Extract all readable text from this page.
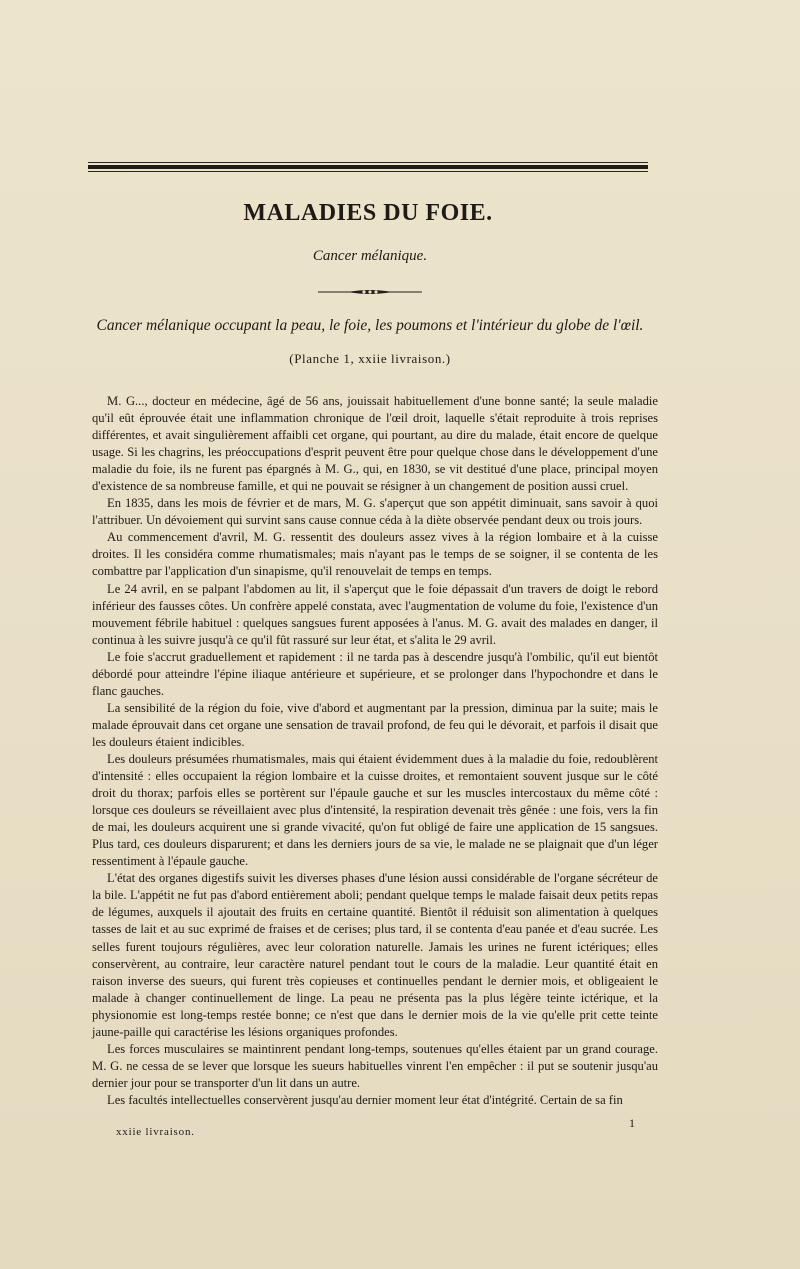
MALADIES DU FOIE.
Cancer mélanique.
Cancer mélanique occupant la peau, le foie, les poumons et l'intérieur du globe de l'œil.
(Planche 1, xxiie livraison.)

M. G..., docteur en médecine, âgé de 56 ans, jouissait habituellement d'une bonne santé; la seule maladie qu'il eût éprouvée était une inflammation chronique de l'œil droit, laquelle s'était reproduite à trois reprises différentes, et avait singulièrement affaibli cet organe, qui pourtant, au dire du malade, était encore de quelque usage. Si les chagrins, les préoccupations d'esprit peuvent être pour quelque chose dans le développement d'une maladie du foie, ils ne furent pas épargnés à M. G., qui, en 1830, se vit destitué d'une place, principal moyen d'existence de sa nombreuse famille, et qui ne pouvait se résigner à un changement de position aussi cruel.

En 1835, dans les mois de février et de mars, M. G. s'aperçut que son appétit diminuait, sans savoir à quoi l'attribuer. Un dévoiement qui survint sans cause connue céda à la diète observée pendant deux ou trois jours.

Au commencement d'avril, M. G. ressentit des douleurs assez vives à la région lombaire et à la cuisse droites. Il les considéra comme rhumatismales; mais n'ayant pas le temps de se soigner, il se contenta de les combattre par l'application d'un sinapisme, qu'il renouvelait de temps en temps.

Le 24 avril, en se palpant l'abdomen au lit, il s'aperçut que le foie dépassait d'un travers de doigt le rebord inférieur des fausses côtes. Un confrère appelé constata, avec l'augmentation de volume du foie, l'existence d'un mouvement fébrile habituel : quelques sangsues furent apposées à l'anus. M. G. avait des malades en danger, il continua à les suivre jusqu'à ce qu'il fût rassuré sur leur état, et s'alita le 29 avril.

Le foie s'accrut graduellement et rapidement : il ne tarda pas à descendre jusqu'à l'ombilic, qu'il eut bientôt débordé pour atteindre l'épine iliaque antérieure et supérieure, et se prolonger dans l'hypochondre et dans le flanc gauches.

La sensibilité de la région du foie, vive d'abord et augmentant par la pression, diminua par la suite; mais le malade éprouvait dans cet organe une sensation de travail profond, de feu qui le dévorait, et parfois il disait que les douleurs étaient indicibles.

Les douleurs présumées rhumatismales, mais qui étaient évidemment dues à la maladie du foie, redoublèrent d'intensité : elles occupaient la région lombaire et la cuisse droites, et remontaient souvent jusque sur le côté droit du thorax; parfois elles se portèrent sur l'épaule gauche et sur les muscles intercostaux du même côté : lorsque ces douleurs se réveillaient avec plus d'intensité, la respiration devenait très gênée : une fois, vers la fin de mai, les douleurs acquirent une si grande vivacité, qu'on fut obligé de faire une application de 15 sangsues. Plus tard, ces douleurs disparurent; et dans les derniers jours de sa vie, le malade ne se plaignait que d'un léger ressentiment à l'épaule gauche.

L'état des organes digestifs suivit les diverses phases d'une lésion aussi considérable de l'organe sécréteur de la bile. L'appétit ne fut pas d'abord entièrement aboli; pendant quelque temps le malade faisait deux petits repas de légumes, auxquels il ajoutait des fruits en certaine quantité. Bientôt il réduisit son alimentation à quelques tasses de lait et au suc exprimé de fraises et de cerises; plus tard, il se contenta d'eau panée et d'eau sucrée. Les selles furent toujours régulières, avec leur coloration naturelle. Jamais les urines ne furent ictériques; elles conservèrent, au contraire, leur caractère naturel pendant tout le cours de la maladie. Leur quantité était en raison inverse des sueurs, qui furent très copieuses et continuelles pendant le dernier mois, et obligeaient le malade à changer continuellement de linge. La peau ne présenta pas la plus légère teinte ictérique, et la physionomie est long-temps restée bonne; ce n'est que dans le dernier mois de la vie qu'elle prit cette teinte jaune-paille qui caractérise les lésions organiques profondes.

Les forces musculaires se maintinrent pendant long-temps, soutenues qu'elles étaient par un grand courage. M. G. ne cessa de se lever que lorsque les sueurs habituelles vinrent l'en empêcher : il put se soutenir jusqu'au dernier jour pour se transporter d'un lit dans un autre.

Les facultés intellectuelles conservèrent jusqu'au dernier moment leur état d'intégrité. Certain de sa fin

xxiie livraison.
1
